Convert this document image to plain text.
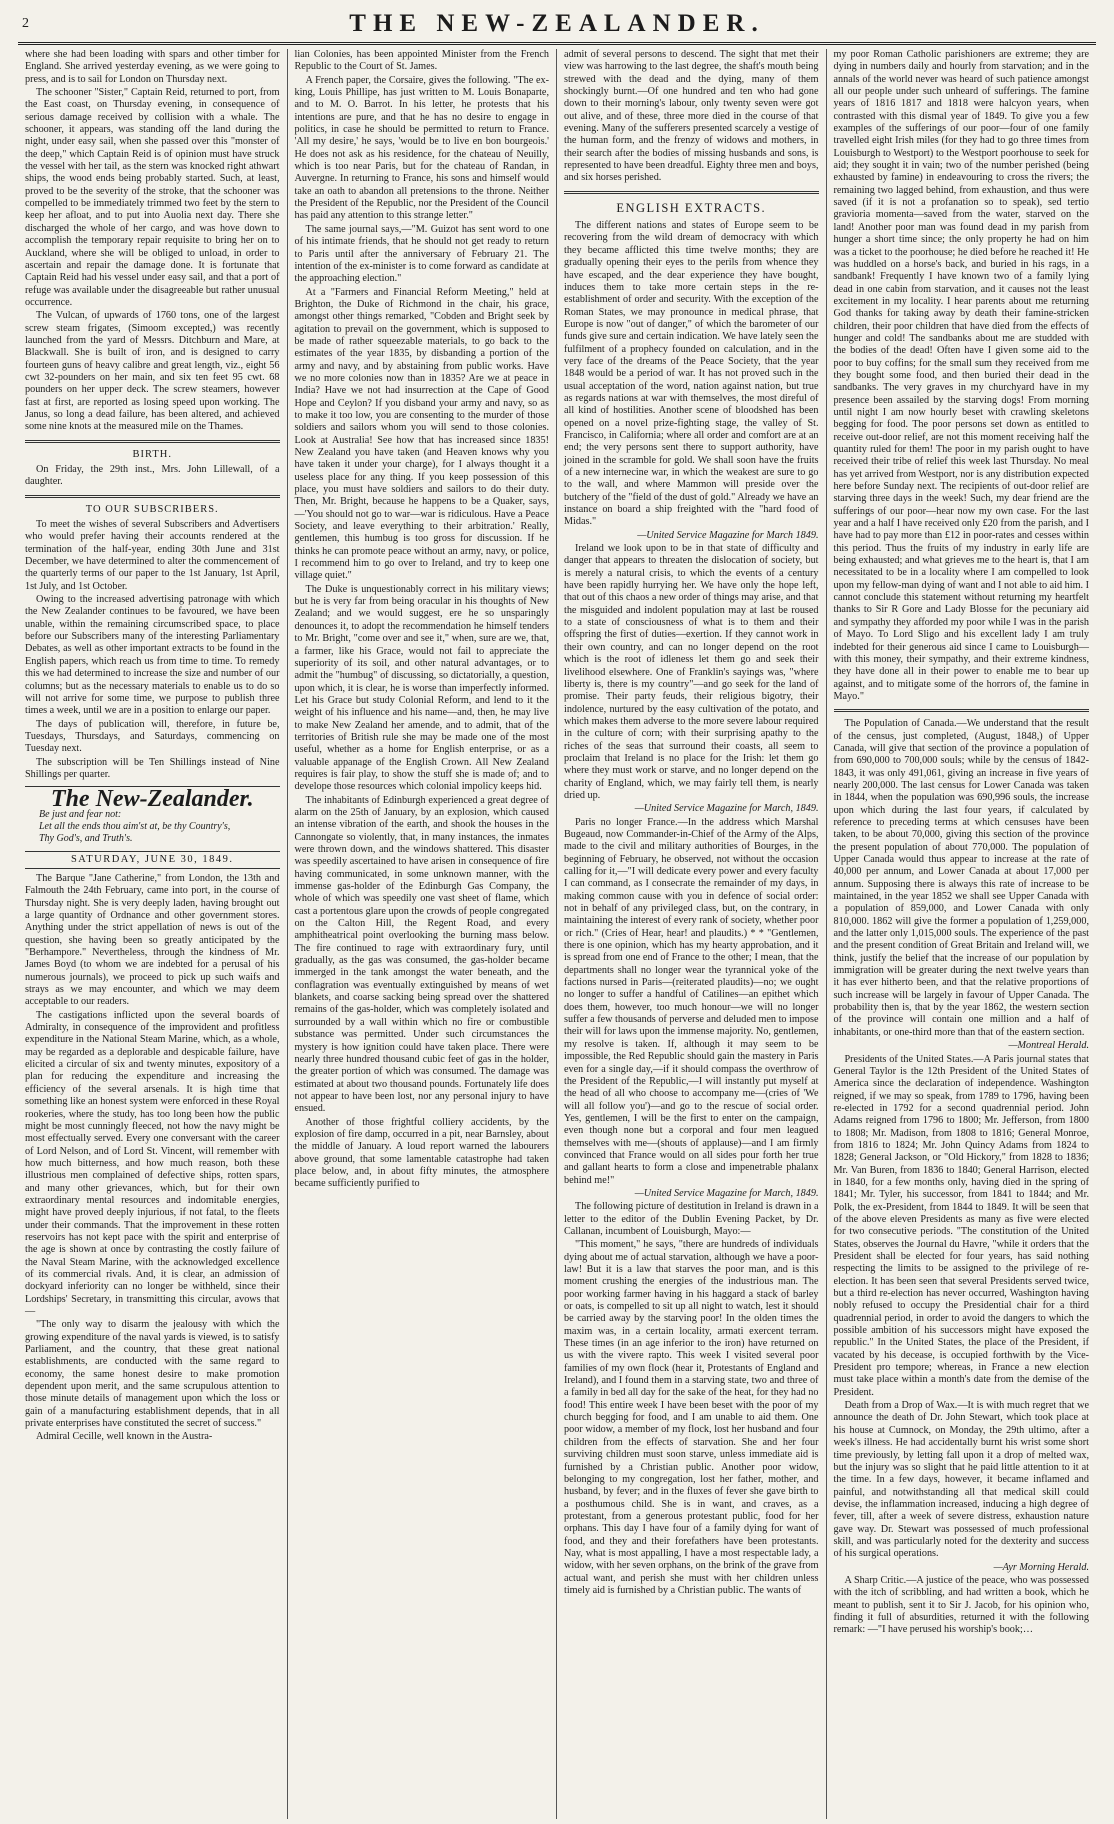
2	THE NEW-ZEALANDER.

where she had been loading with spars and other timber for England. She arrived yesterday evening, as we were going to press, and is to sail for London on Thursday next.

The schooner "Sister," Captain Reid, returned to port, from the East coast, on Thursday evening, in consequence of serious damage received by collision with a whale. The schooner, it appears, was standing off the land during the night, under easy sail, when she passed over this "monster of the deep," which Captain Reid is of opinion must have struck the vessel with her tail, as the stern was knocked right athwart ships, the wood ends being probably started. Such, at least, proved to be the severity of the stroke, that the schooner was compelled to be immediately trimmed two feet by the stern to keep her afloat, and to put into Auolia next day. There she discharged the whole of her cargo, and was hove down to accomplish the temporary repair requisite to bring her on to Auckland, where she will be obliged to unload, in order to ascertain and repair the damage done. It is fortunate that Captain Reid had his vessel under easy sail, and that a port of refuge was available under the disagreeable but rather unusual occurrence.

The Vulcan, of upwards of 1760 tons, one of the largest screw steam frigates, (Simoom excepted,) was recently launched from the yard of Messrs. Ditchburn and Mare, at Blackwall. She is built of iron, and is designed to carry fourteen guns of heavy calibre and great length, viz., eight 56 cwt 32-pounders on her main, and six ten feet 95 cwt. 68 pounders on her upper deck. The screw steamers, however fast at first, are reported as losing speed upon working. The Janus, so long a dead failure, has been altered, and achieved some nine knots at the measured mile on the Thames.

BIRTH.

On Friday, the 29th inst., Mrs. John Lillewall, of a daughter.

TO OUR SUBSCRIBERS.

To meet the wishes of several Subscribers and Advertisers who would prefer having their accounts rendered at the termination of the half-year, ending 30th June and 31st December, we have determined to alter the commencement of the quarterly terms of our paper to the 1st January, 1st April, 1st July, and 1st October.

Owing to the increased advertising patronage with which the New Zealander continues to be favoured, we have been unable, within the remaining circumscribed space, to place before our Subscribers many of the interesting Parliamentary Debates, as well as other important extracts to be found in the English papers, which reach us from time to time. To remedy this we had determined to increase the size and number of our columns; but as the necessary materials to enable us to do so will not arrive for some time, we purpose to publish three times a week, until we are in a position to enlarge our paper.

The days of publication will, therefore, in future be, Tuesdays, Thursdays, and Saturdays, commencing on Tuesday next.

The subscription will be Ten Shillings instead of Nine Shillings per quarter.

The New-Zealander.
Be just and fear not:
Let all the ends thou aim'st at, be thy Country's,
Thy God's, and Truth's.
SATURDAY, JUNE 30, 1849.

The Barque "Jane Catherine," from London, the 13th and Falmouth the 24th February, came into port, in the course of Thursday night. She is very deeply laden, having brought out a large quantity of Ordnance and other government stores. Anything under the strict appellation of news is out of the question, she having been so greatly anticipated by the "Berhampore." Nevertheless, through the kindness of Mr. James Boyd (to whom we are indebted for a perusal of his numerous journals), we proceed to pick up such waifs and strays as we may encounter, and which we may deem acceptable to our readers.

The castigations inflicted upon the several boards of Admiralty, in consequence of the improvident and profitless expenditure in the National Steam Marine, which, as a whole, may be regarded as a deplorable and despicable failure, have elicited a circular of six and twenty minutes, expository of a plan for reducing the expenditure and increasing the efficiency of the several arsenals. It is high time that something like an honest system were enforced in these Royal rookeries, where the study, has too long been how the public might be most cunningly fleeced, not how the navy might be most effectually served. Every one conversant with the career of Lord Nelson, and of Lord St. Vincent, will remember with how much bitterness, and how much reason, both these illustrious men complained of defective ships, rotten spars, and many other grievances, which, but for their own extraordinary mental resources and indomitable energies, might have proved deeply injurious, if not fatal, to the fleets under their commands. That the improvement in these rotten reservoirs has not kept pace with the spirit and enterprise of the age is shown at once by contrasting the costly failure of the Naval Steam Marine, with the acknowledged excellence of its commercial rivals. And, it is clear, an admission of dockyard inferiority can no longer be withheld, since their Lordships' Secretary, in transmitting this circular, avows that—

"The only way to disarm the jealousy with which the growing expenditure of the naval yards is viewed, is to satisfy Parliament, and the country, that these great national establishments, are conducted with the same regard to economy, the same honest desire to make promotion dependent upon merit, and the same scrupulous attention to those minute details of management upon which the loss or gain of a manufacturing establishment depends, that in all private enterprises have constituted the secret of success."

Admiral Cecille, well known in the Austra-

lian Colonies, has been appointed Minister from the French Republic to the Court of St. James.

A French paper, the Corsaire, gives the following. "The ex-king, Louis Phillipe, has just written to M. Louis Bonaparte, and to M. O. Barrot. In his letter, he protests that his intentions are pure, and that he has no desire to engage in politics, in case he should be permitted to return to France. 'All my desire,' he says, 'would be to live en bon bourgeois.' He does not ask as his residence, for the chateau of Neuilly, which is too near Paris, but for the chateau of Randan, in Auvergne. In returning to France, his sons and himself would take an oath to abandon all pretensions to the throne. Neither the President of the Republic, nor the President of the Council has paid any attention to this strange letter."

The same journal says,—"M. Guizot has sent word to one of his intimate friends, that he should not get ready to return to Paris until after the anniversary of February 21. The intention of the ex-minister is to come forward as candidate at the approaching election."

At a "Farmers and Financial Reform Meeting," held at Brighton, the Duke of Richmond in the chair, his grace, amongst other things remarked, "Cobden and Bright seek by agitation to prevail on the government, which is supposed to be made of rather squeezable materials, to go back to the estimates of the year 1835, by disbanding a portion of the army and navy, and by abstaining from public works. Have we no more colonies now than in 1835? Are we at peace in India? Have we not had insurrection at the Cape of Good Hope and Ceylon? If you disband your army and navy, so as to make it too low, you are consenting to the murder of those soldiers and sailors whom you will send to those colonies. Look at Australia! See how that has increased since 1835! New Zealand you have taken (and Heaven knows why you have taken it under your charge), for I always thought it a useless place for any thing. If you keep possession of this place, you must have soldiers and sailors to do their duty. Then, Mr. Bright, because he happens to be a Quaker, says,—'You should not go to war—war is ridiculous. Have a Peace Society, and leave everything to their arbitration.' Really, gentlemen, this humbug is too gross for discussion. If he thinks he can promote peace without an army, navy, or police, I recommend him to go over to Ireland, and try to keep one village quiet."

The Duke is unquestionably correct in his military views; but he is very far from being oracular in his thoughts of New Zealand; and we would suggest, ere he so unsparingly denounces it, to adopt the recommendation he himself tenders to Mr. Bright, "come over and see it," when, sure are we, that, a farmer, like his Grace, would not fail to appreciate the superiority of its soil, and other natural advantages, or to admit the "humbug" of discussing, so dictatorially, a question, upon which, it is clear, he is worse than imperfectly informed. Let his Grace but study Colonial Reform, and lend to it the weight of his influence and his name—and, then, he may live to make New Zealand her amende, and to admit, that of the territories of British rule she may be made one of the most useful, whether as a home for English enterprise, or as a valuable appanage of the English Crown. All New Zealand requires is fair play, to show the stuff she is made of; and to develope those resources which colonial impolicy keeps hid.

The inhabitants of Edinburgh experienced a great degree of alarm on the 25th of January, by an explosion, which caused an intense vibration of the earth, and shook the houses in the Cannongate so violently, that, in many instances, the inmates were thrown down, and the windows shattered. This disaster was speedily ascertained to have arisen in consequence of fire having communicated, in some unknown manner, with the immense gas-holder of the Edinburgh Gas Company, the whole of which was speedily one vast sheet of flame, which cast a portentous glare upon the crowds of people congregated on the Calton Hill, the Regent Road, and every amphitheatrical point overlooking the burning mass below. The fire continued to rage with extraordinary fury, until gradually, as the gas was consumed, the gas-holder became immerged in the tank amongst the water beneath, and the conflagration was eventually extinguished by means of wet blankets, and coarse sacking being spread over the shattered remains of the gas-holder, which was completely isolated and surrounded by a wall within which no fire or combustible substance was permitted. Under such circumstances the mystery is how ignition could have taken place. There were nearly three hundred thousand cubic feet of gas in the holder, the greater portion of which was consumed. The damage was estimated at about two thousand pounds. Fortunately life does not appear to have been lost, nor any personal injury to have ensued.

Another of those frightful colliery accidents, by the explosion of fire damp, occurred in a pit, near Barnsley, about the middle of January. A loud report warned the labourers above ground, that some lamentable catastrophe had taken place below, and, in about fifty minutes, the atmosphere became sufficiently purified to

admit of several persons to descend. The sight that met their view was harrowing to the last degree, the shaft's mouth being strewed with the dead and the dying, many of them shockingly burnt.—Of one hundred and ten who had gone down to their morning's labour, only twenty seven were got out alive, and of these, three more died in the course of that evening. Many of the sufferers presented scarcely a vestige of the human form, and the frenzy of widows and mothers, in their search after the bodies of missing husbands and sons, is represented to have been dreadful. Eighty three men and boys, and six horses perished.

ENGLISH EXTRACTS.

The different nations and states of Europe seem to be recovering from the wild dream of democracy with which they became afflicted this time twelve months; they are gradually opening their eyes to the perils from whence they have escaped, and the dear experience they have bought, induces them to take more certain steps in the re-establishment of order and security. With the exception of the Roman States, we may pronounce in medical phrase, that Europe is now "out of danger," of which the barometer of our funds give sure and certain indication. We have lately seen the fulfilment of a prophecy founded on calculation, and in the very face of the dreams of the Peace Society, that the year 1848 would be a period of war. It has not proved such in the usual acceptation of the word, nation against nation, but true as regards nations at war with themselves, the most direful of all kind of hostilities. Another scene of bloodshed has been opened on a novel prize-fighting stage, the valley of St. Francisco, in California; where all order and comfort are at an end; the very persons sent there to support authority, have joined in the scramble for gold. We shall soon have the fruits of a new internecine war, in which the weakest are sure to go to the wall, and where Mammon will preside over the butchery of the "field of the dust of gold." Already we have an instance on board a ship freighted with the "hard food of Midas."

—United Service Magazine for March 1849.

Ireland we look upon to be in that state of difficulty and danger that appears to threaten the dislocation of society, but is merely a natural crisis, to which the events of a century have been rapidly hurrying her. We have only the hope left, that out of this chaos a new order of things may arise, and that the misguided and indolent population may at last be roused to a state of consciousness of what is to them and their offspring the first of duties—exertion. If they cannot work in their own country, and can no longer depend on the root which is the root of idleness let them go and seek their livelihood elsewhere. One of Franklin's sayings was, "where liberty is, there is my country"—and go seek for the land of promise. Their party feuds, their religious bigotry, their indolence, nurtured by the easy cultivation of the potato, and which makes them adverse to the more severe labour required in the culture of corn; with their surprising apathy to the riches of the seas that surround their coasts, all seem to proclaim that Ireland is no place for the Irish: let them go where they must work or starve, and no longer depend on the charity of England, which, we may fairly tell them, is nearly dried up.

—United Service Magazine for March, 1849.

Paris no longer France.—In the address which Marshal Bugeaud, now Commander-in-Chief of the Army of the Alps, made to the civil and military authorities of Bourges, in the beginning of February, he observed, not without the occasion calling for it,—"I will dedicate every power and every faculty I can command, as I consecrate the remainder of my days, in making common cause with you in defence of social order: not in behalf of any privileged class, but, on the contrary, in maintaining the interest of every rank of society, whether poor or rich." (Cries of Hear, hear! and plaudits.) * * "Gentlemen, there is one opinion, which has my hearty approbation, and it is spread from one end of France to the other; I mean, that the departments shall no longer wear the tyrannical yoke of the factions nursed in Paris—(reiterated plaudits)—no; we ought no longer to suffer a handful of Catilines—an epithet which does them, however, too much honour—we will no longer suffer a few thousands of perverse and deluded men to impose their will for laws upon the immense majority. No, gentlemen, my resolve is taken. If, although it may seem to be impossible, the Red Republic should gain the mastery in Paris even for a single day,—if it should compass the overthrow of the President of the Republic,—I will instantly put myself at the head of all who choose to accompany me—(cries of 'We will all follow you')—and go to the rescue of social order. Yes, gentlemen, I will be the first to enter on the campaign, even though none but a corporal and four men leagued themselves with me—(shouts of applause)—and I am firmly convinced that France would on all sides pour forth her true and gallant hearts to form a close and impenetrable phalanx behind me!"

—United Service Magazine for March, 1849.

The following picture of destitution in Ireland is drawn in a letter to the editor of the Dublin Evening Packet, by Dr. Callanan, incumbent of Louisburgh, Mayo:—

"This moment," he says, "there are hundreds of individuals dying about me of actual starvation, although we have a poor-law! But it is a law that starves the poor man, and is this moment crushing the energies of the industrious man. The poor working farmer having in his haggard a stack of barley or oats, is compelled to sit up all night to watch, lest it should be carried away by the starving poor! In the olden times the maxim was, in a certain locality, armati exercent terram. These times (in an age inferior to the iron) have returned on us with the vivere rapto. This week I visited several poor families of my own flock (hear it, Protestants of England and Ireland), and I found them in a starving state, two and three of a family in bed all day for the sake of the heat, for they had no food! This entire week I have been beset with the poor of my church begging for food, and I am unable to aid them. One poor widow, a member of my flock, lost her husband and four children from the effects of starvation. She and her four surviving children must soon starve, unless immediate aid is furnished by a Christian public. Another poor widow, belonging to my congregation, lost her father, mother, and husband, by fever; and in the fluxes of fever she gave birth to a posthumous child. She is in want, and craves, as a protestant, from a generous protestant public, food for her orphans. This day I have four of a family dying for want of food, and they and their forefathers have been protestants. Nay, what is most appalling, I have a most respectable lady, a widow, with her seven orphans, on the brink of the grave from actual want, and perish she must with her children unless timely aid is furnished by a Christian public. The wants of

my poor Roman Catholic parishioners are extreme; they are dying in numbers daily and hourly from starvation; and in the annals of the world never was heard of such patience amongst all our people under such unheard of sufferings. The famine years of 1816 1817 and 1818 were halcyon years, when contrasted with this dismal year of 1849. To give you a few examples of the sufferings of our poor—four of one family travelled eight Irish miles (for they had to go three times from Louisburgh to Westport) to the Westport poorhouse to seek for aid; they sought it in vain; two of the number perished (being exhausted by famine) in endeavouring to cross the rivers; the remaining two lagged behind, from exhaustion, and thus were saved (if it is not a profanation so to speak), sed tertio gravioria momenta—saved from the water, starved on the land! Another poor man was found dead in my parish from hunger a short time since; the only property he had on him was a ticket to the poorhouse; he died before he reached it! He was huddled on a horse's back, and buried in his rags, in a sandbank! Frequently I have known two of a family lying dead in one cabin from starvation, and it causes not the least excitement in my locality. I hear parents about me returning God thanks for taking away by death their famine-stricken children, their poor children that have died from the effects of hunger and cold! The sandbanks about me are studded with the bodies of the dead! Often have I given some aid to the poor to buy coffins; for the small sum they received from me they bought some food, and then buried their dead in the sandbanks. The very graves in my churchyard have in my presence been assailed by the starving dogs! From morning until night I am now hourly beset with crawling skeletons begging for food. The poor persons set down as entitled to receive out-door relief, are not this moment receiving half the quantity ruled for them! The poor in my parish ought to have received their tribe of relief this week last Thursday. No meal has yet arrived from Westport, nor is any distribution expected here before Sunday next. The recipients of out-door relief are starving three days in the week! Such, my dear friend are the sufferings of our poor—hear now my own case. For the last year and a half I have received only £20 from the parish, and I have had to pay more than £12 in poor-rates and cesses within this period. Thus the fruits of my industry in early life are being exhausted; and what grieves me to the heart is, that I am necessitated to be in a locality where I am compelled to look upon my fellow-man dying of want and I not able to aid him. I cannot conclude this statement without returning my heartfelt thanks to Sir R Gore and Lady Blosse for the pecuniary aid and sympathy they afforded my poor while I was in the parish of Mayo. To Lord Sligo and his excellent lady I am truly indebted for their generous aid since I came to Louisburgh—with this money, their sympathy, and their extreme kindness, they have done all in their power to enable me to bear up against, and to mitigate some of the horrors of, the famine in Mayo."

The Population of Canada.—We understand that the result of the census, just completed, (August, 1848,) of Upper Canada, will give that section of the province a population of from 690,000 to 700,000 souls; while by the census of 1842-1843, it was only 491,061, giving an increase in five years of nearly 200,000. The last census for Lower Canada was taken in 1844, when the population was 690,996 souls, the increase upon which during the last four years, if calculated by reference to preceding terms at which censuses have been taken, to be about 70,000, giving this section of the province the present population of about 770,000. The population of Upper Canada would thus appear to increase at the rate of 40,000 per annum, and Lower Canada at about 17,000 per annum. Supposing there is always this rate of increase to be maintained, in the year 1852 we shall see Upper Canada with a population of 859,000, and Lower Canada with only 810,000. 1862 will give the former a population of 1,259,000, and the latter only 1,015,000 souls. The experience of the past and the present condition of Great Britain and Ireland will, we think, justify the belief that the increase of our population by immigration will be greater during the next twelve years than it has ever hitherto been, and that the relative proportions of such increase will be largely in favour of Upper Canada. The probability then is, that by the year 1862, the western section of the province will contain one million and a half of inhabitants, or one-third more than that of the eastern section.

—Montreal Herald.

Presidents of the United States.—A Paris journal states that General Taylor is the 12th President of the United States of America since the declaration of independence. Washington reigned, if we may so speak, from 1789 to 1796, having been re-elected in 1792 for a second quadrennial period. John Adams reigned from 1796 to 1800; Mr. Jefferson, from 1800 to 1808; Mr. Madison, from 1808 to 1816; General Monroe, from 1816 to 1824; Mr. John Quincy Adams from 1824 to 1828; General Jackson, or "Old Hickory," from 1828 to 1836; Mr. Van Buren, from 1836 to 1840; General Harrison, elected in 1840, for a few months only, having died in the spring of 1841; Mr. Tyler, his successor, from 1841 to 1844; and Mr. Polk, the ex-President, from 1844 to 1849. It will be seen that of the above eleven Presidents as many as five were elected for two consecutive periods. "The constitution of the United States, observes the Journal du Havre, "while it orders that the President shall be elected for four years, has said nothing respecting the limits to be assigned to the privilege of re-election. It has been seen that several Presidents served twice, but a third re-election has never occurred, Washington having nobly refused to occupy the Presidential chair for a third quadrennial period, in order to avoid the dangers to which the possible ambition of his successors might have exposed the republic." In the United States, the place of the President, if vacated by his decease, is occupied forthwith by the Vice-President pro tempore; whereas, in France a new election must take place within a month's date from the demise of the President.

Death from a Drop of Wax.—It is with much regret that we announce the death of Dr. John Stewart, which took place at his house at Cumnock, on Monday, the 29th ultimo, after a week's illness. He had accidentally burnt his wrist some short time previously, by letting fall upon it a drop of melted wax, but the injury was so slight that he paid little attention to it at the time. In a few days, however, it became inflamed and painful, and notwithstanding all that medical skill could devise, the inflammation increased, inducing a high degree of fever, till, after a week of severe distress, exhaustion nature gave way. Dr. Stewart was possessed of much professional skill, and was particularly noted for the dexterity and success of his surgical operations.

—Ayr Morning Herald.

A Sharp Critic.—A justice of the peace, who was possessed with the itch of scribbling, and had written a book, which he meant to publish, sent it to Sir J. Jacob, for his opinion who, finding it full of absurdities, returned it with the following remark: —"I have perused his worship's book;…
